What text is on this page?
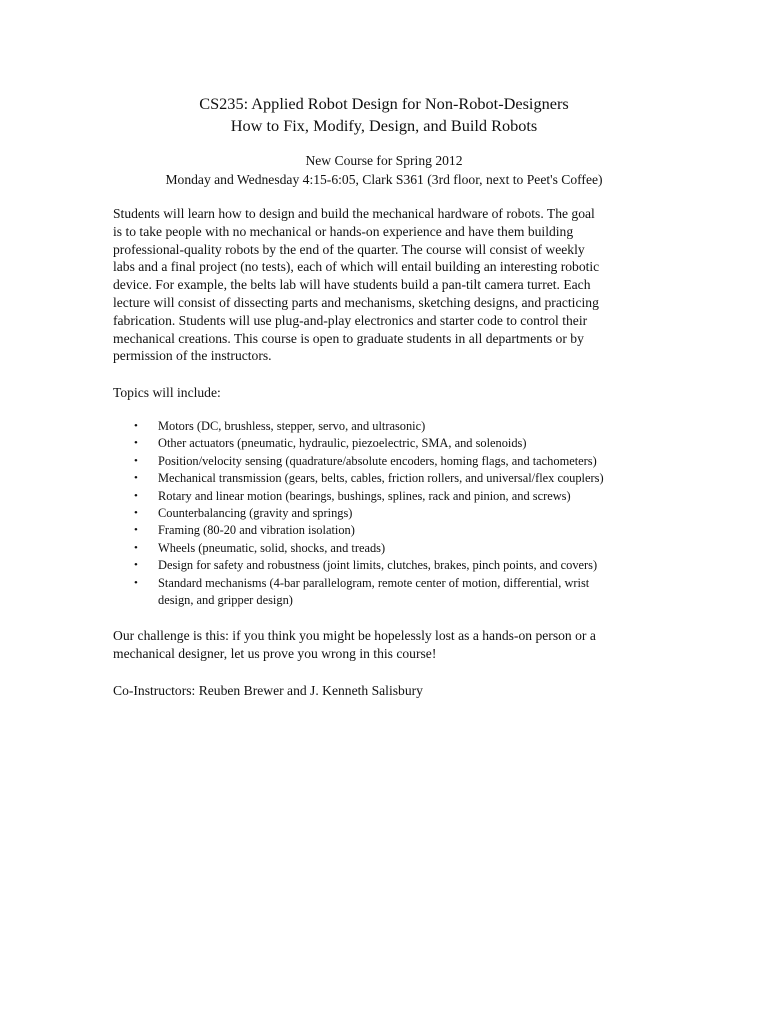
CS235: Applied Robot Design for Non-Robot-Designers
How to Fix, Modify, Design, and Build Robots
New Course for Spring 2012
Monday and Wednesday 4:15-6:05, Clark S361 (3rd floor, next to Peet's Coffee)
Students will learn how to design and build the mechanical hardware of robots. The goal
is to take people with no mechanical or hands-on experience and have them building
professional-quality robots by the end of the quarter. The course will consist of weekly
labs and a final project (no tests), each of which will entail building an interesting robotic
device. For example, the belts lab will have students build a pan-tilt camera turret. Each
lecture will consist of dissecting parts and mechanisms, sketching designs, and practicing
fabrication. Students will use plug-and-play electronics and starter code to control their
mechanical creations. This course is open to graduate students in all departments or by
permission of the instructors.
Topics will include:
• Motors (DC, brushless, stepper, servo, and ultrasonic)
• Other actuators (pneumatic, hydraulic, piezoelectric, SMA, and solenoids)
• Position/velocity sensing (quadrature/absolute encoders, homing flags, and tachometers)
• Mechanical transmission (gears, belts, cables, friction rollers, and universal/flex couplers)
• Rotary and linear motion (bearings, bushings, splines, rack and pinion, and screws)
• Counterbalancing (gravity and springs)
• Framing (80-20 and vibration isolation)
• Wheels (pneumatic, solid, shocks, and treads)
• Design for safety and robustness (joint limits, clutches, brakes, pinch points, and covers)
• Standard mechanisms (4-bar parallelogram, remote center of motion, differential, wrist
design, and gripper design)
Our challenge is this: if you think you might be hopelessly lost as a hands-on person or a
mechanical designer, let us prove you wrong in this course!
Co-Instructors: Reuben Brewer and J. Kenneth Salisbury
